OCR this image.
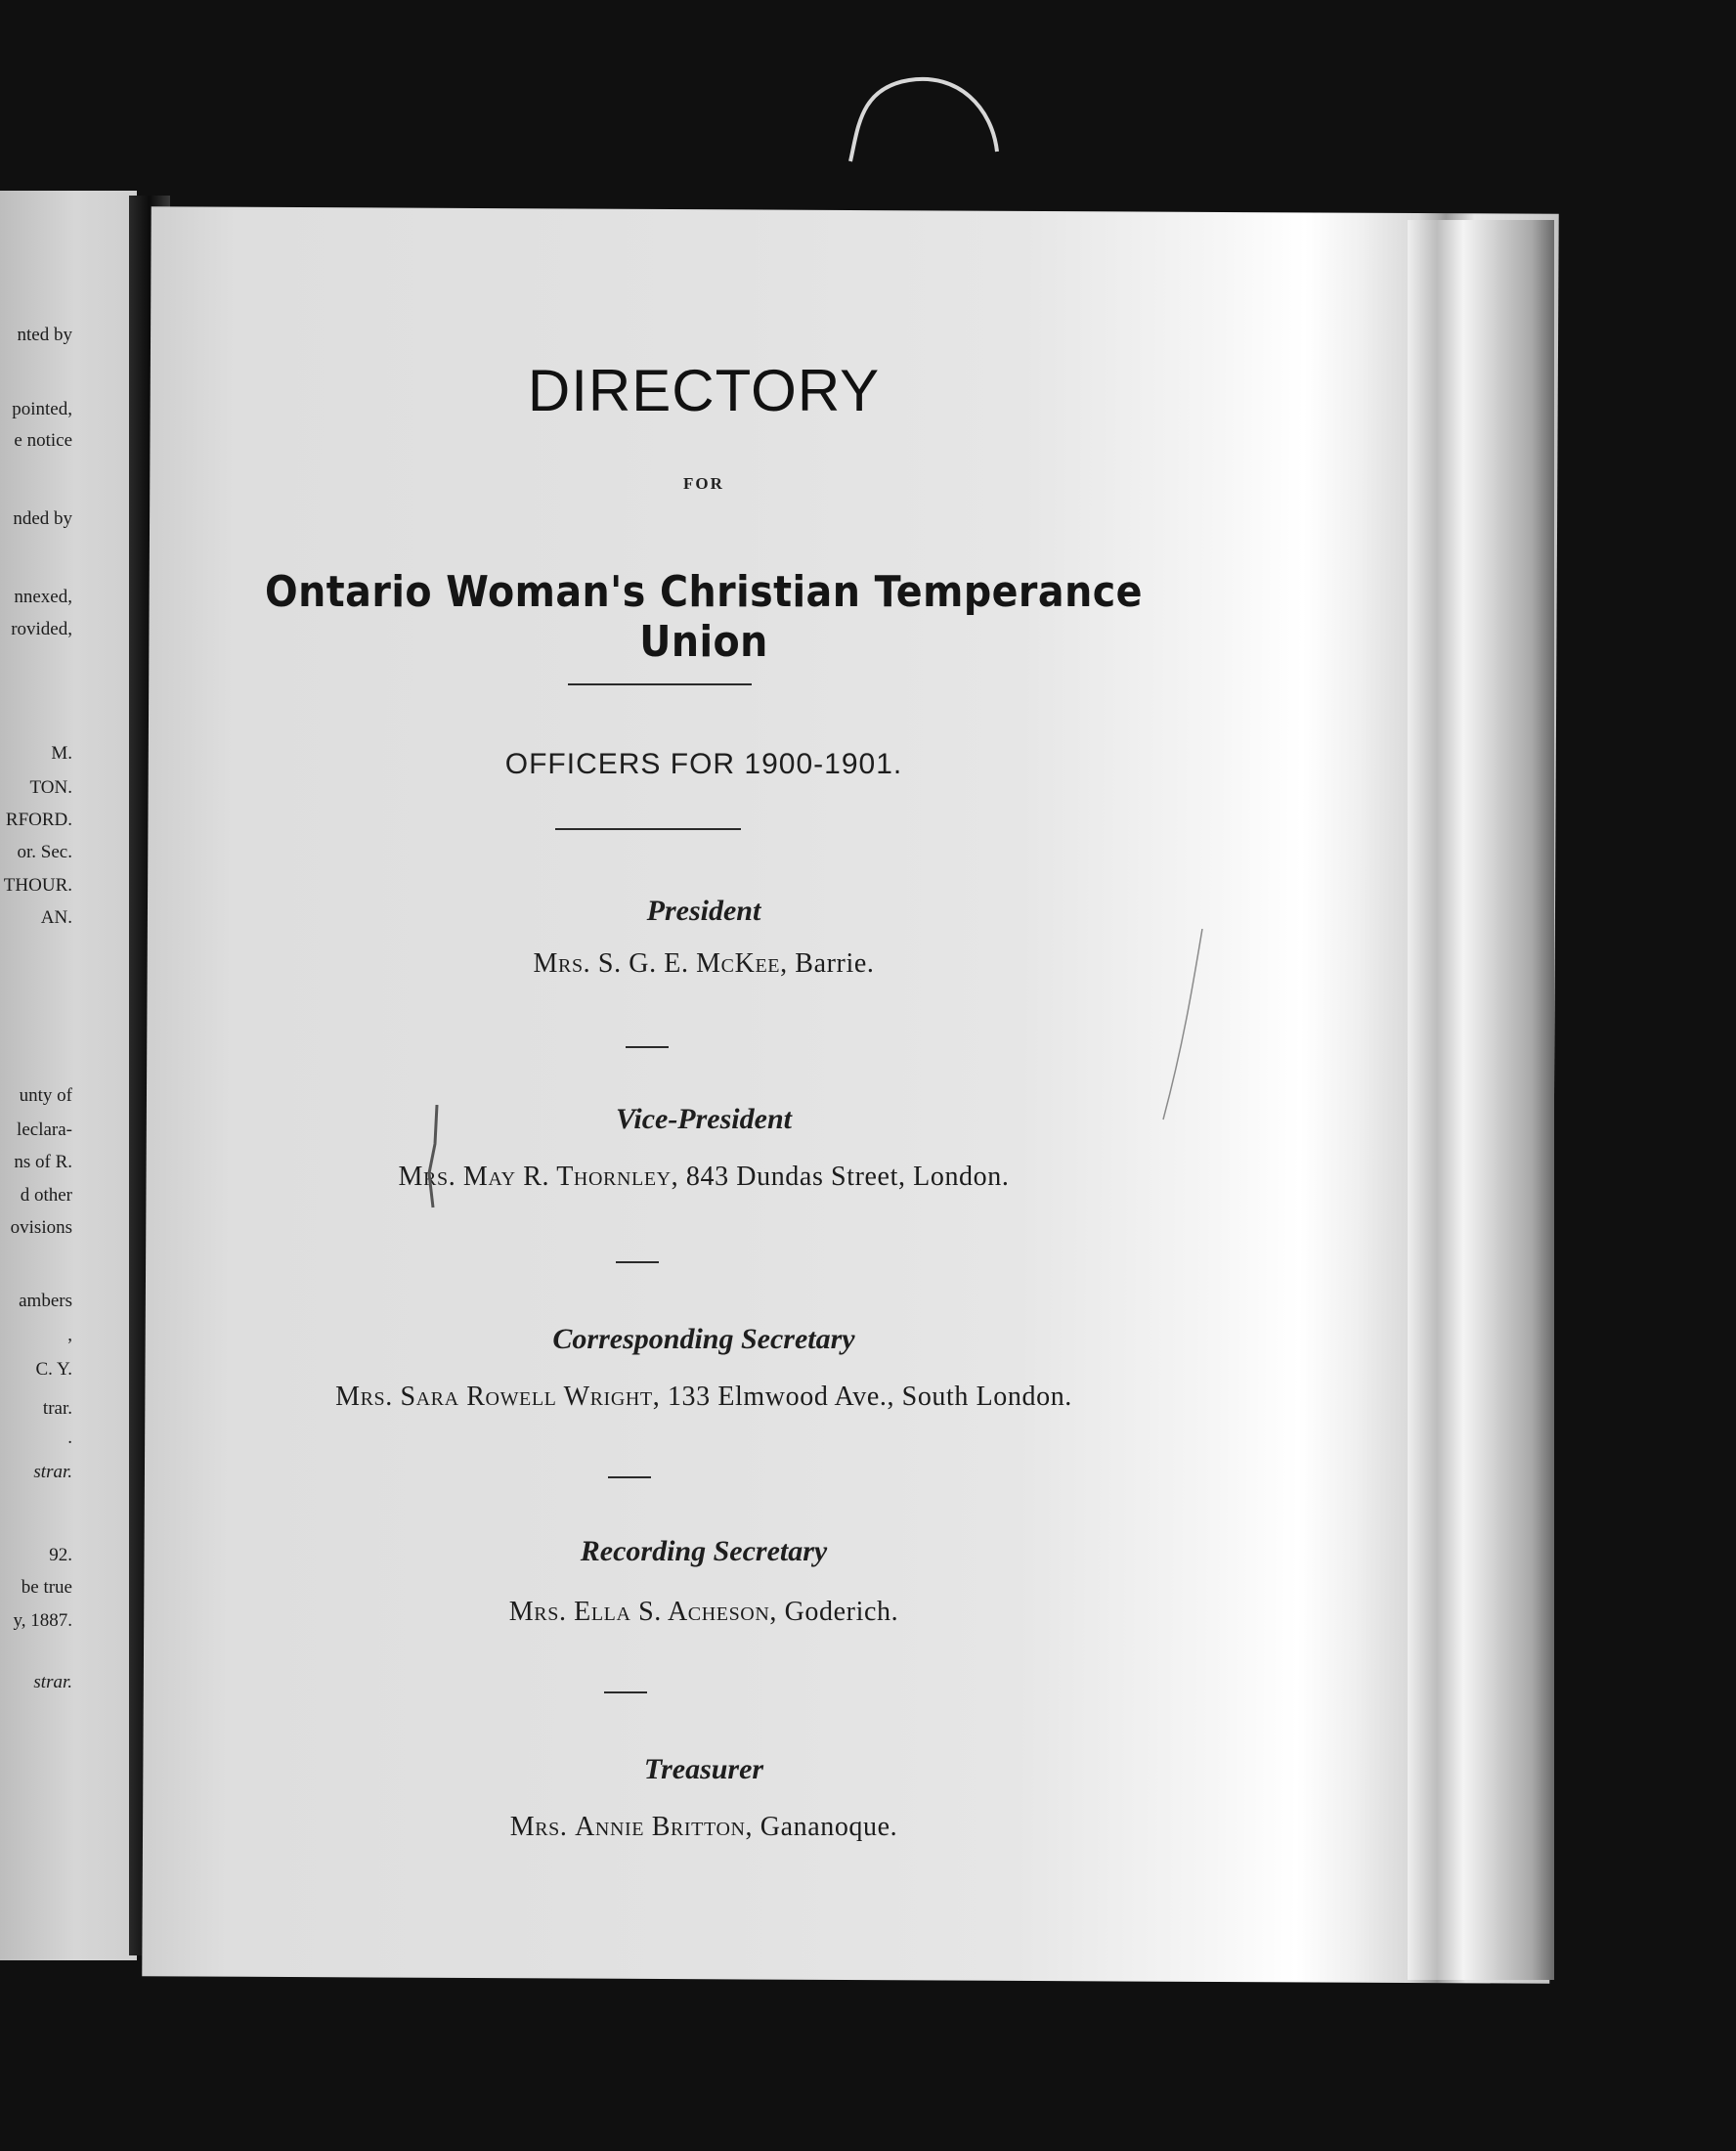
nted by
pointed,
e notice
nded by
nnexed,
rovided,
M.
TON.
RFORD.
or. Sec.
THOUR.
AN.
unty of
leclara-
ns of R.
d other
ovisions
ambers
,
C. Y.
trar.
.
strar.
92.
be true
y, 1887.
strar.
DIRECTORY
FOR
Ontario Woman's Christian Temperance Union
OFFICERS FOR 1900-1901.
President
Mrs. S. G. E. McKee, Barrie.
Vice-President
Mrs. May R. Thornley, 843 Dundas Street, London.
Corresponding Secretary
Mrs. Sara Rowell Wright, 133 Elmwood Ave., South London.
Recording Secretary
Mrs. Ella S. Acheson, Goderich.
Treasurer
Mrs. Annie Britton, Gananoque.
